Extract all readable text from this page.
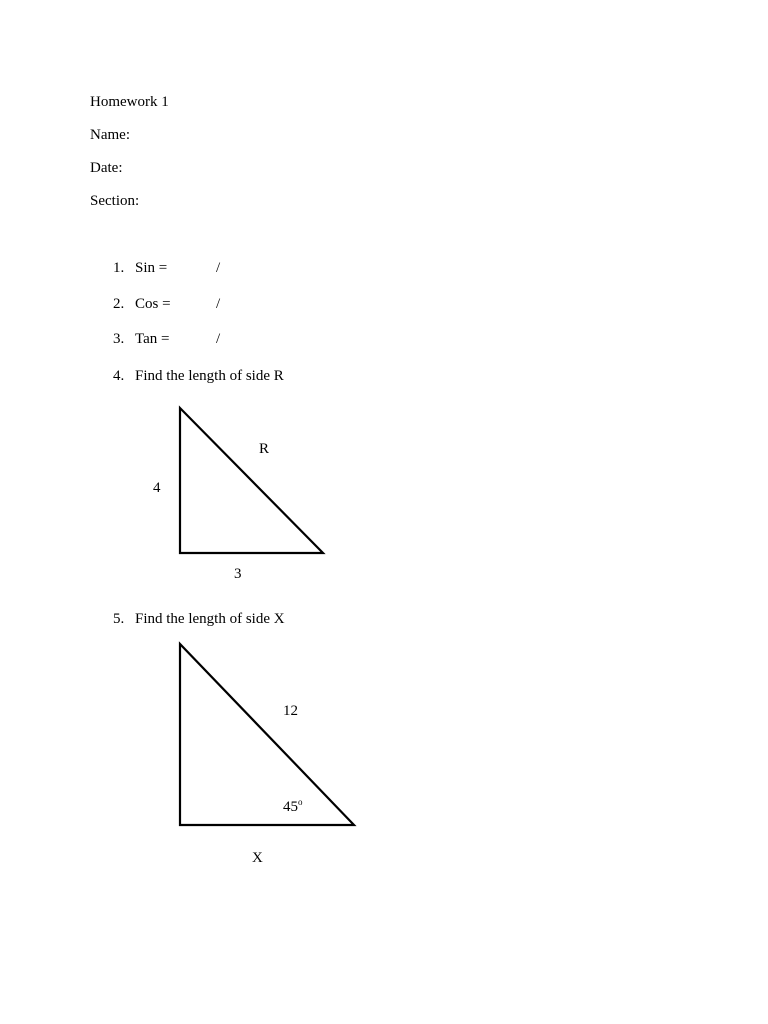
Homework 1
Name:
Date:
Section:
1. Sin =	/
2. Cos =	/
3. Tan =	/
4. Find the length of side R
R
4
3
5. Find the length of side X
12
45$^o$
X
